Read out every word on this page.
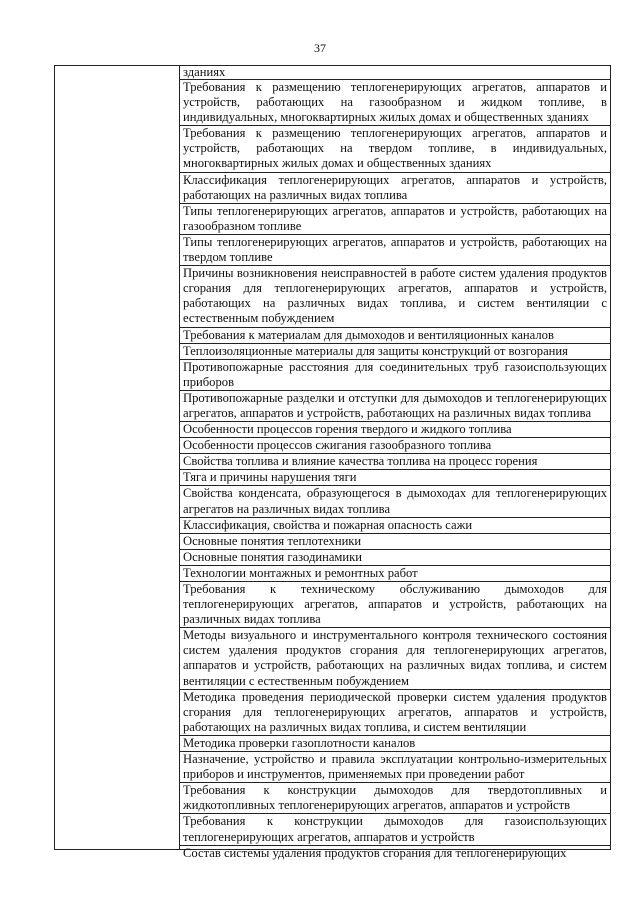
37
зданиях
Требования к размещению теплогенерирующих агрегатов, аппаратов и устройств, работающих на газообразном и жидком топливе, в индивидуальных, многоквартирных жилых домах и общественных зданиях
Требования к размещению теплогенерирующих агрегатов, аппаратов и устройств, работающих на твердом топливе, в индивидуальных, многоквартирных жилых домах и общественных зданиях
Классификация теплогенерирующих агрегатов, аппаратов и устройств, работающих на различных видах топлива
Типы теплогенерирующих агрегатов, аппаратов и устройств, работающих на газообразном топливе
Типы теплогенерирующих агрегатов, аппаратов и устройств, работающих на твердом топливе
Причины возникновения неисправностей в работе систем удаления продуктов сгорания для теплогенерирующих агрегатов, аппаратов и устройств, работающих на различных видах топлива, и систем вентиляции с естественным побуждением
Требования к материалам для дымоходов и вентиляционных каналов
Теплоизоляционные материалы для защиты конструкций от возгорания
Противопожарные расстояния для соединительных труб газоиспользующих приборов
Противопожарные разделки и отступки для дымоходов и теплогенерирующих агрегатов, аппаратов и устройств, работающих на различных видах топлива
Особенности процессов горения твердого и жидкого топлива
Особенности процессов сжигания газообразного топлива
Свойства топлива и влияние качества топлива на процесс горения
Тяга и причины нарушения тяги
Свойства конденсата, образующегося в дымоходах для теплогенерирующих агрегатов на различных видах топлива
Классификация, свойства и пожарная опасность сажи
Основные понятия теплотехники
Основные понятия газодинамики
Технологии монтажных и ремонтных работ
Требования к техническому обслуживанию дымоходов для теплогенерирующих агрегатов, аппаратов и устройств, работающих на различных видах топлива
Методы визуального и инструментального контроля технического состояния систем удаления продуктов сгорания для теплогенерирующих агрегатов, аппаратов и устройств, работающих на различных видах топлива, и систем вентиляции с естественным побуждением
Методика проведения периодической проверки систем удаления продуктов сгорания для теплогенерирующих агрегатов, аппаратов и устройств, работающих на различных видах топлива, и систем вентиляции
Методика проверки газоплотности каналов
Назначение, устройство и правила эксплуатации контрольно-измерительных приборов и инструментов, применяемых при проведении работ
Требования к конструкции дымоходов для твердотопливных и жидкотопливных теплогенерирующих агрегатов, аппаратов и устройств
Требования к конструкции дымоходов для газоиспользующих теплогенерирующих агрегатов, аппаратов и устройств
Состав системы удаления продуктов сгорания для теплогенерирующих
